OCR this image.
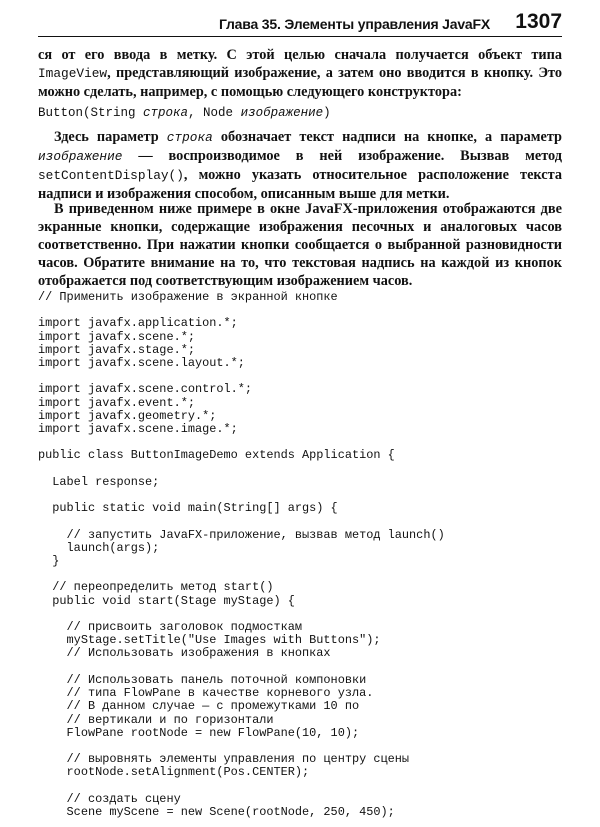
Глава 35. Элементы управления JavaFX 1307

ся от его ввода в метку. С этой целью сначала получается объект типа ImageView, представляющий изображение, а затем оно вводится в кнопку. Это можно сделать, например, с помощью следующего конструктора:

Button(String строка, Node изображение)

Здесь параметр строка обозначает текст надписи на кнопке, а параметр изображение — воспроизводимое в ней изображение. Вызвав метод setContentDisplay(), можно указать относительное расположение текста надписи и изображения способом, описанным выше для метки.

В приведенном ниже примере в окне JavaFX-приложения отображаются две экранные кнопки, содержащие изображения песочных и аналоговых часов соответственно. При нажатии кнопки сообщается о выбранной разновидности часов. Обратите внимание на то, что текстовая надпись на каждой из кнопок отображается под соответствующим изображением часов.

// Применить изображение в экранной кнопке

import javafx.application.*;
import javafx.scene.*;
import javafx.stage.*;
import javafx.scene.layout.*;

import javafx.scene.control.*;
import javafx.event.*;
import javafx.geometry.*;
import javafx.scene.image.*;

public class ButtonImageDemo extends Application {

Label response;

public static void main(String[] args) {

// запустить JavaFX-приложение, вызвав метод launch()
launch(args);
}

// переопределить метод start()
public void start(Stage myStage) {

// присвоить заголовок подмосткам
myStage.setTitle("Use Images with Buttons");
// Использовать изображения в кнопках

// Использовать панель поточной компоновки
// типа FlowPane в качестве корневого узла.
// В данном случае — с промежутками 10 по
// вертикали и по горизонтали
FlowPane rootNode = new FlowPane(10, 10);

// выровнять элементы управления по центру сцены
rootNode.setAlignment(Pos.CENTER);

// создать сцену
Scene myScene = new Scene(rootNode, 250, 450);
